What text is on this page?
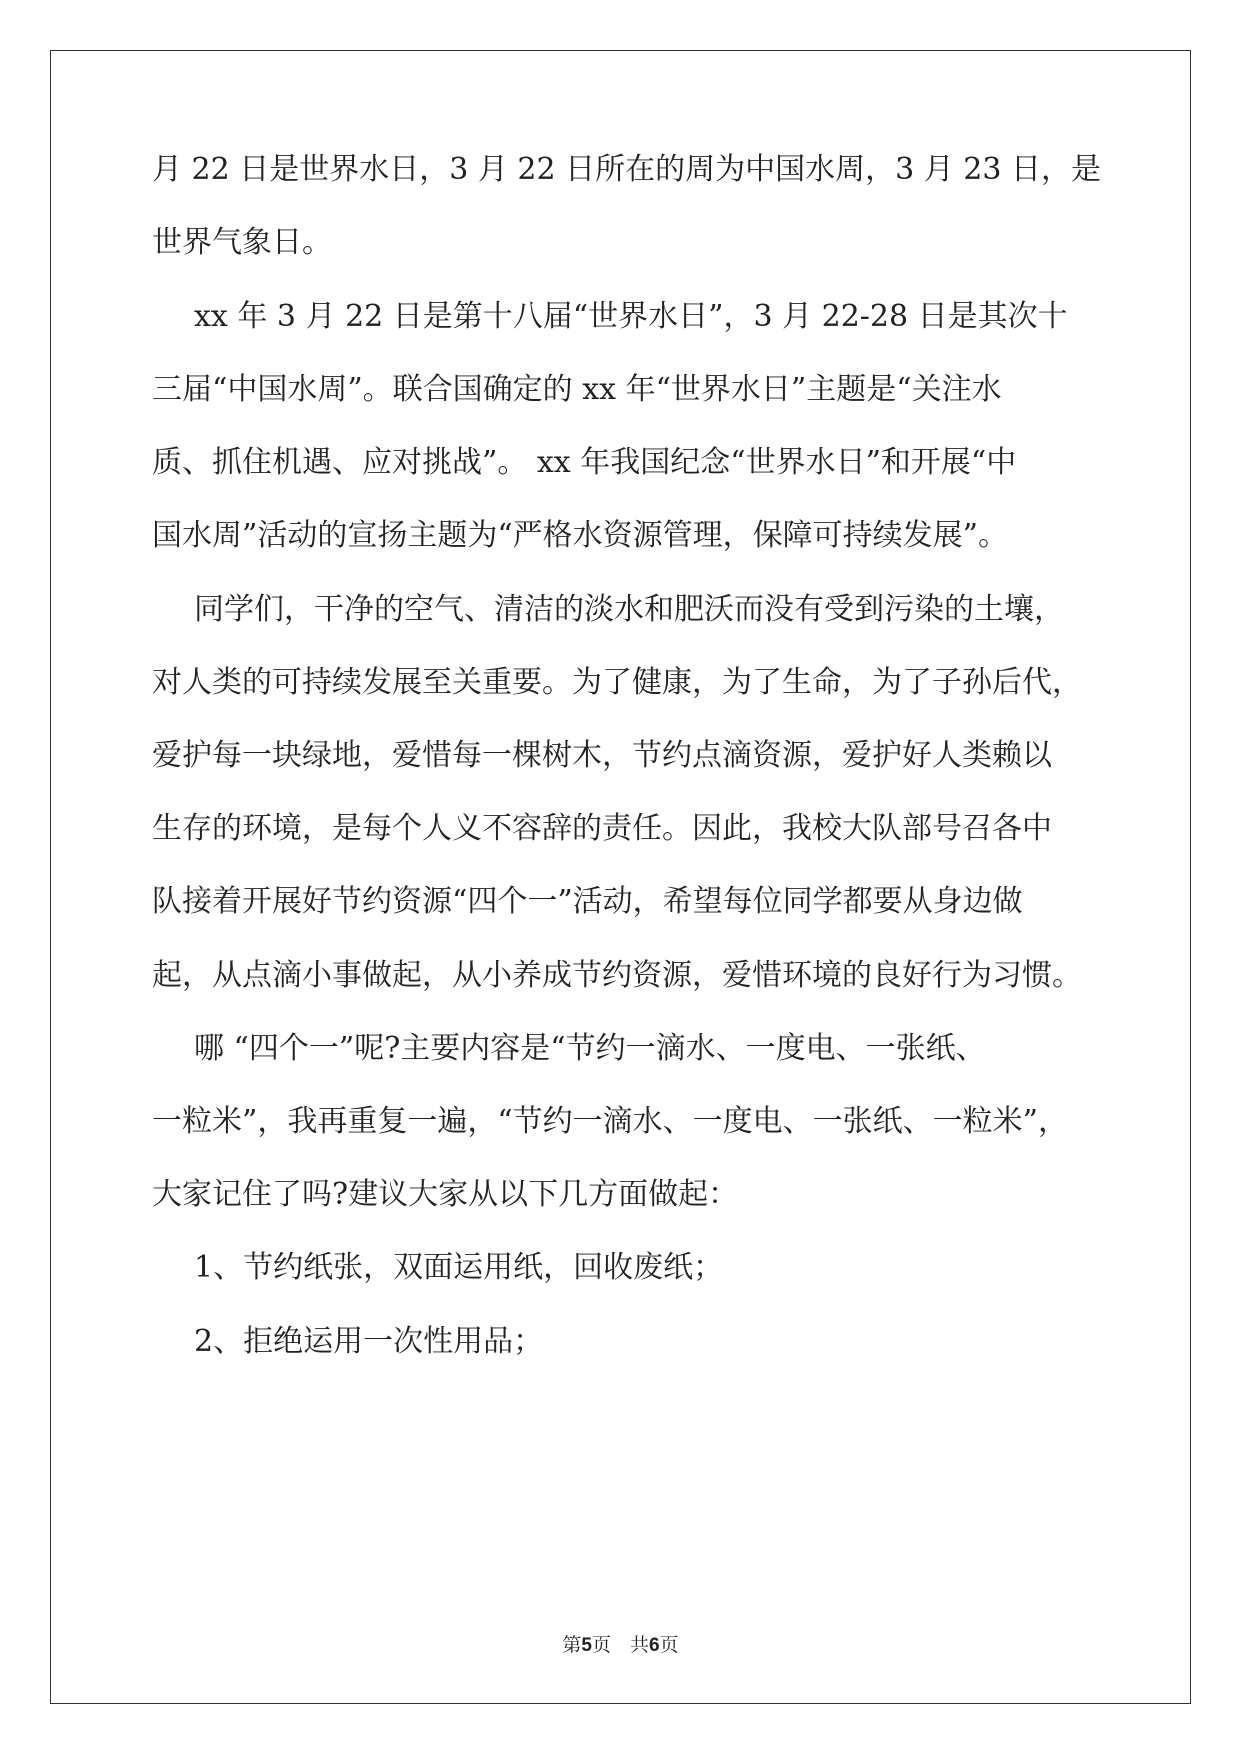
月 22 日是世界水日，3 月 22 日所在的周为中国水周，3 月 23 日，是
世界气象日。
xx 年 3 月 22 日是第十八届“世界水日”，3 月 22-28 日是其次十
三届“中国水周”。联合国确定的 xx 年“世界水日”主题是“关注水
质、抓住机遇、应对挑战”。 xx 年我国纪念“世界水日”和开展“中
国水周”活动的宣扬主题为“严格水资源管理，保障可持续发展”。
同学们，干净的空气、清洁的淡水和肥沃而没有受到污染的土壤，
对人类的可持续发展至关重要。为了健康，为了生命，为了子孙后代，
爱护每一块绿地，爱惜每一棵树木，节约点滴资源，爱护好人类赖以
生存的环境，是每个人义不容辞的责任。因此，我校大队部号召各中
队接着开展好节约资源“四个一”活动，希望每位同学都要从身边做
起，从点滴小事做起，从小养成节约资源，爱惜环境的良好行为习惯。
哪 “四个一”呢?主要内容是“节约一滴水、一度电、一张纸、
一粒米”，我再重复一遍，“节约一滴水、一度电、一张纸、一粒米”，
大家记住了吗?建议大家从以下几方面做起：
1、节约纸张，双面运用纸，回收废纸；
2、拒绝运用一次性用品；
第5页　共6页
